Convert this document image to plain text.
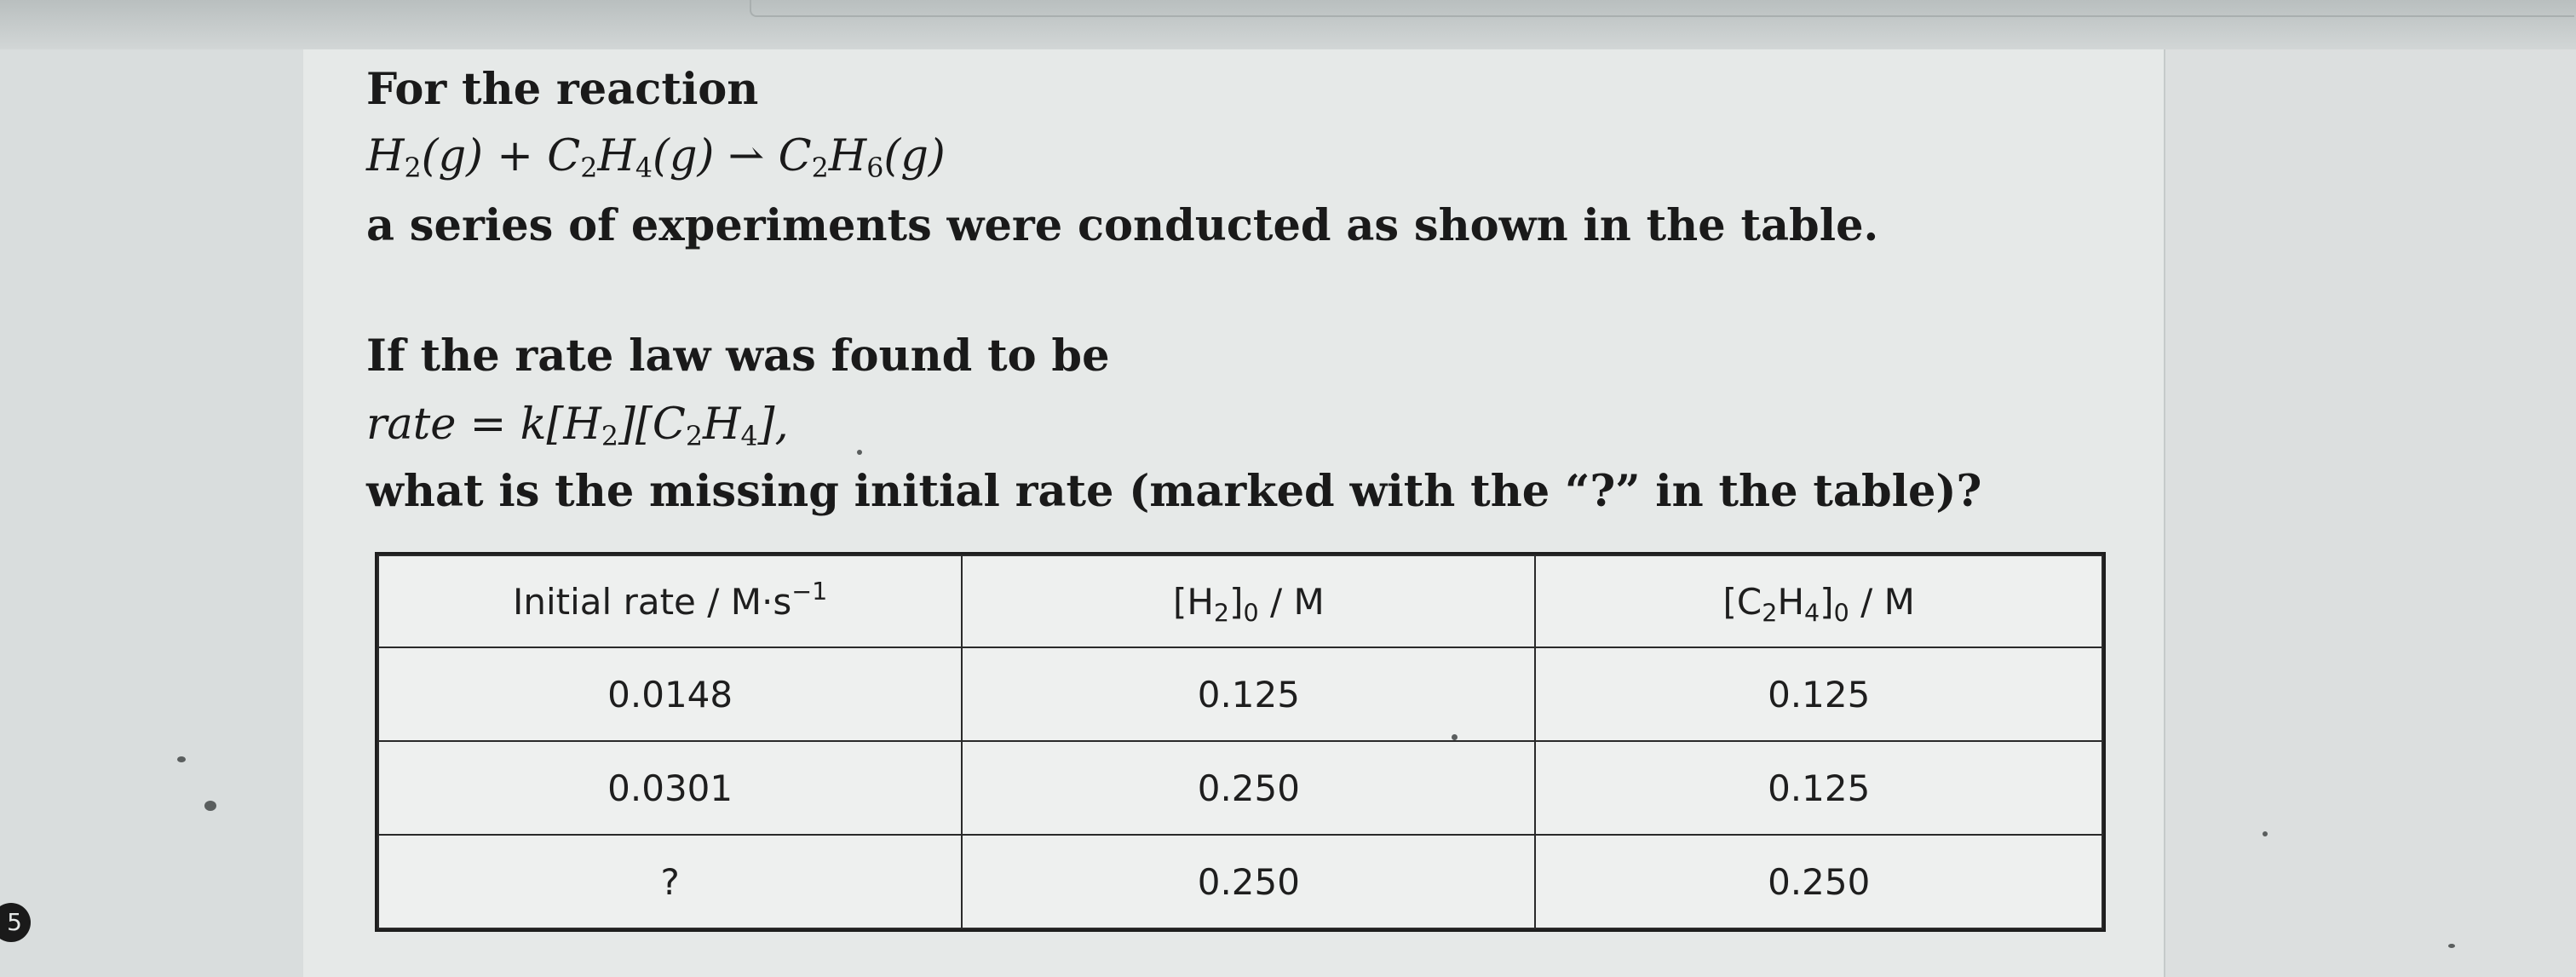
For the reaction
$H_2(g) + C_2H_4(g)$ ⇀ $C_2H_6(g)$
a series of experiments were conducted as shown in the table.
If the rate law was found to be
rate = $k[H_2][C_2H_4]$,
what is the missing initial rate (marked with the “?” in the table)?
Initial rate / $M\cdot s^{-1}$	$[H_2]_0$ / M	$[C_2H_4]_0$ / M
0.0148	0.125	0.125
0.0301	0.250	0.125
?	0.250	0.250
5
